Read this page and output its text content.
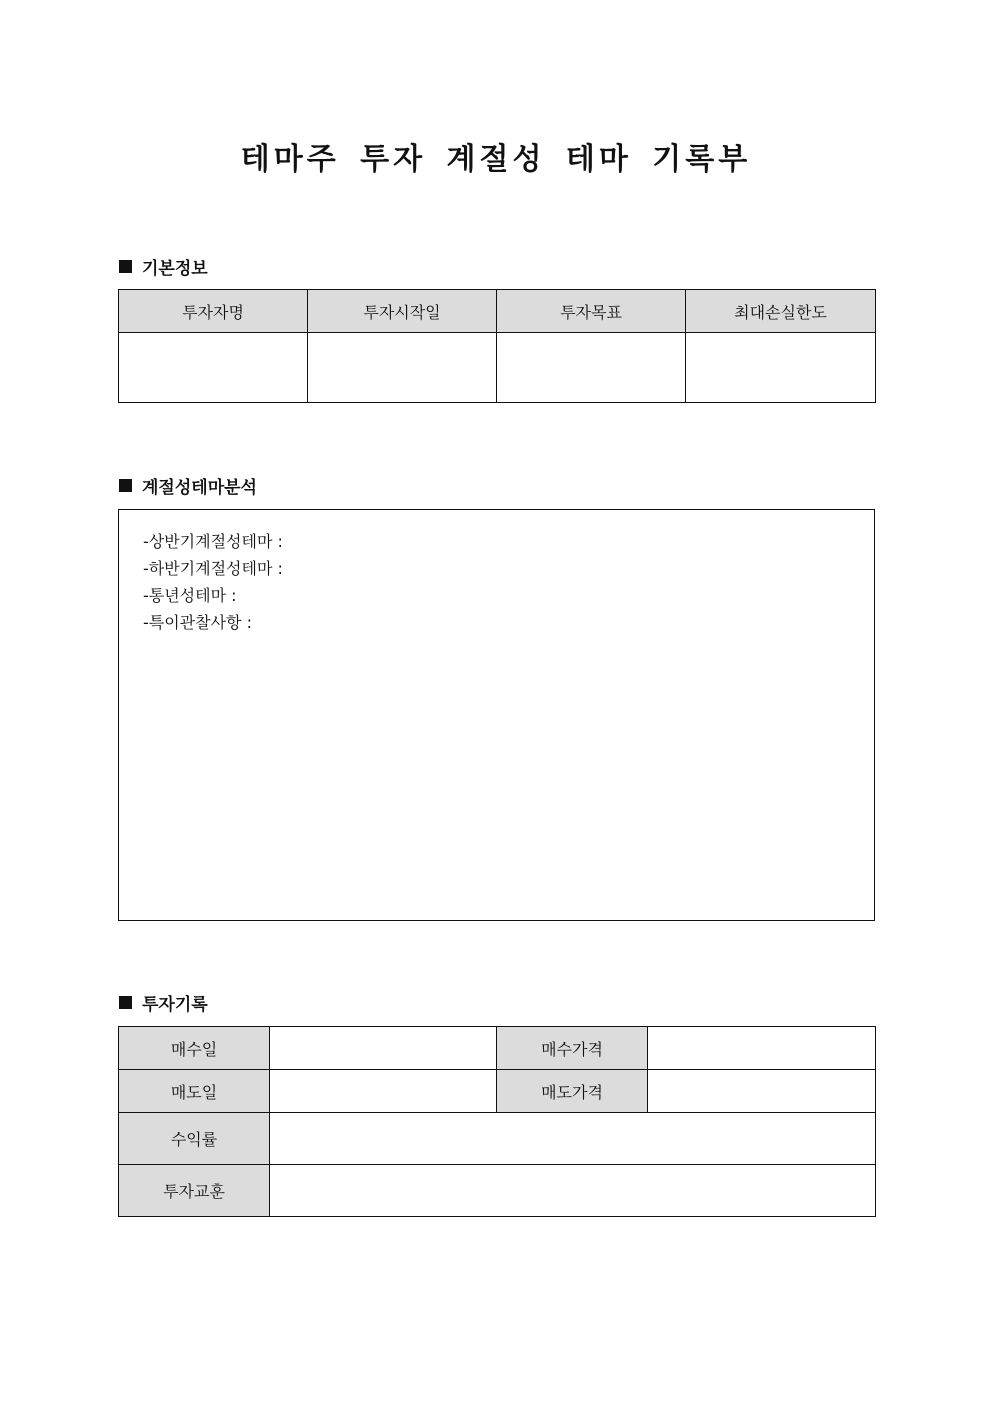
테마주 투자 계절성 테마 기록부
기본정보
투자자명	투자시작일	투자목표	최대손실한도

계절성테마분석
-상반기계절성테마 :
-하반기계절성테마 :
-통년성테마 :
-특이관찰사항 :
투자기록
매수일		매수가격	
매도일		매도가격	
수익률			
투자교훈			
